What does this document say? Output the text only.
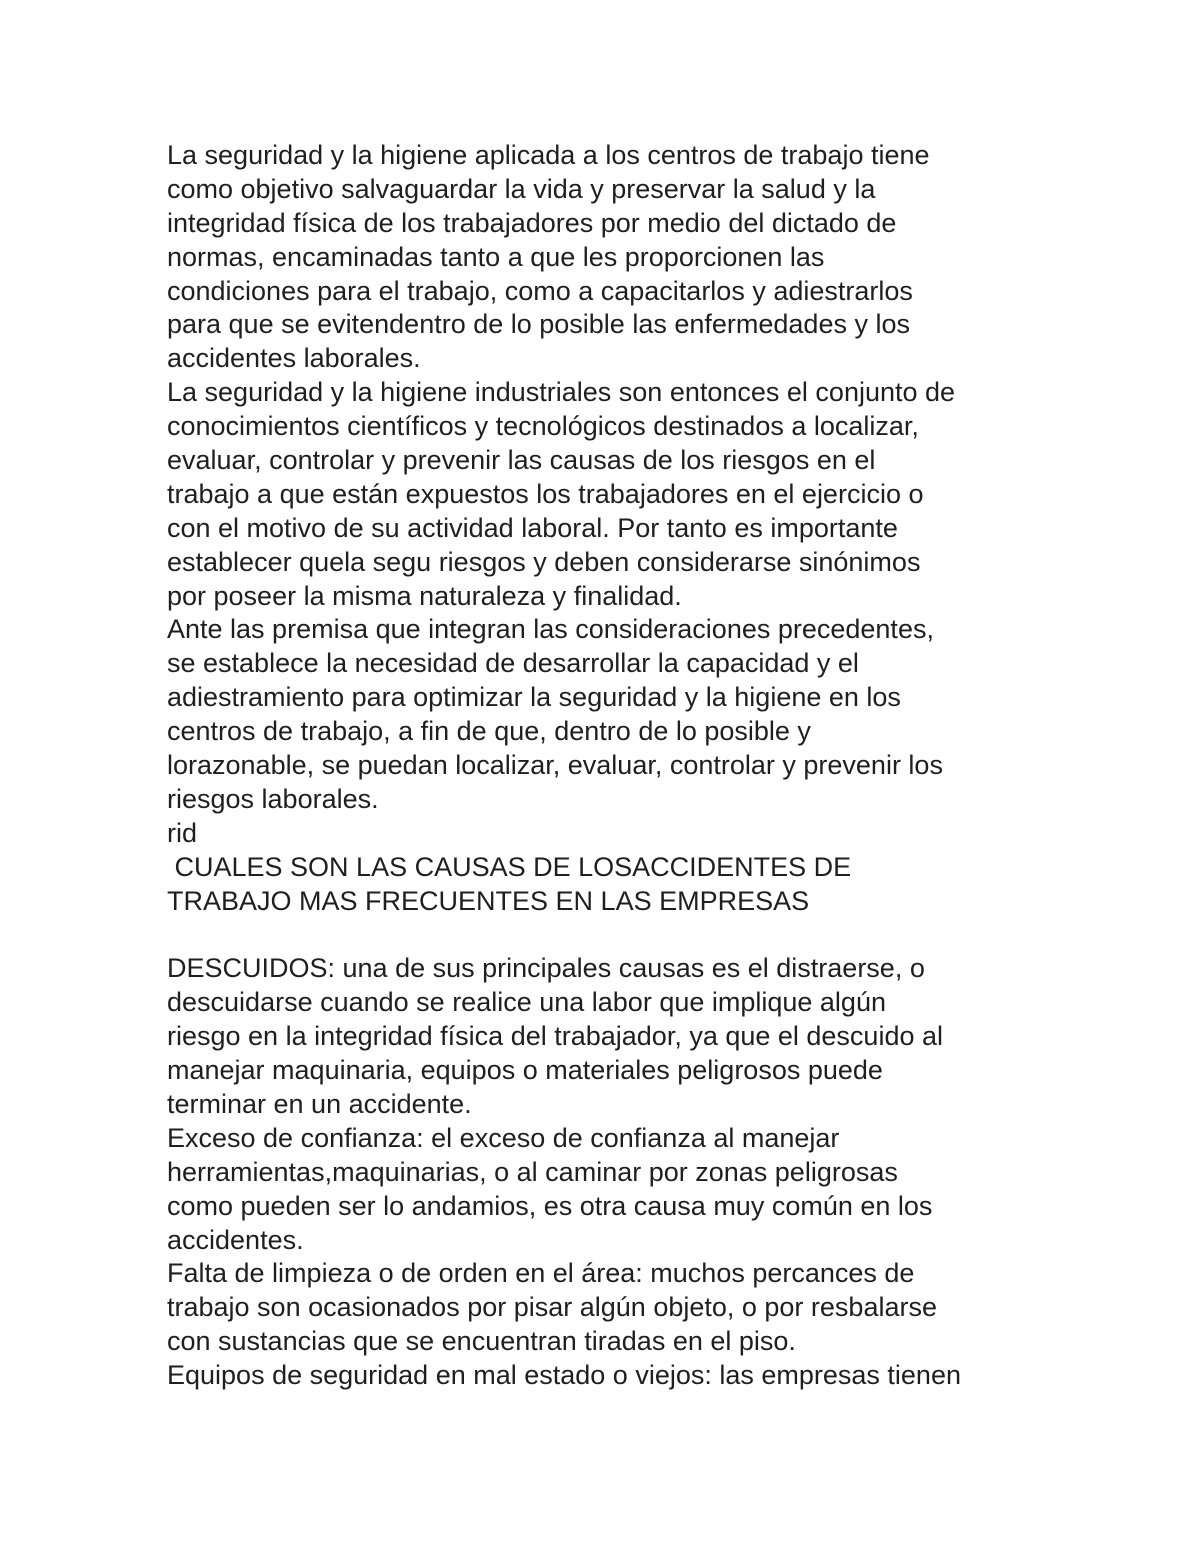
La seguridad y la higiene aplicada a los centros de trabajo tiene
como objetivo salvaguardar la vida y preservar la salud y la
integridad física de los trabajadores por medio del dictado de
normas, encaminadas tanto a que les proporcionen las
condiciones para el trabajo, como a capacitarlos y adiestrarlos
para que se evitendentro de lo posible las enfermedades y los
accidentes laborales.
La seguridad y la higiene industriales son entonces el conjunto de
conocimientos científicos y tecnológicos destinados a localizar,
evaluar, controlar y prevenir las causas de los riesgos en el
trabajo a que están expuestos los trabajadores en el ejercicio o
con el motivo de su actividad laboral. Por tanto es importante
establecer quela segu riesgos y deben considerarse sinónimos
por poseer la misma naturaleza y finalidad.
Ante las premisa que integran las consideraciones precedentes,
se establece la necesidad de desarrollar la capacidad y el
adiestramiento para optimizar la seguridad y la higiene en los
centros de trabajo, a fin de que, dentro de lo posible y
lorazonable, se puedan localizar, evaluar, controlar y prevenir los
riesgos laborales.
rid
CUALES SON LAS CAUSAS DE LOSACCIDENTES DE
TRABAJO MAS FRECUENTES EN LAS EMPRESAS
DESCUIDOS: una de sus principales causas es el distraerse, o
descuidarse cuando se realice una labor que implique algún
riesgo en la integridad física del trabajador, ya que el descuido al
manejar maquinaria, equipos o materiales peligrosos puede
terminar en un accidente.
Exceso de confianza: el exceso de confianza al manejar
herramientas,maquinarias, o al caminar por zonas peligrosas
como pueden ser lo andamios, es otra causa muy común en los
accidentes.
Falta de limpieza o de orden en el área: muchos percances de
trabajo son ocasionados por pisar algún objeto, o por resbalarse
con sustancias que se encuentran tiradas en el piso.
Equipos de seguridad en mal estado o viejos: las empresas tienen
